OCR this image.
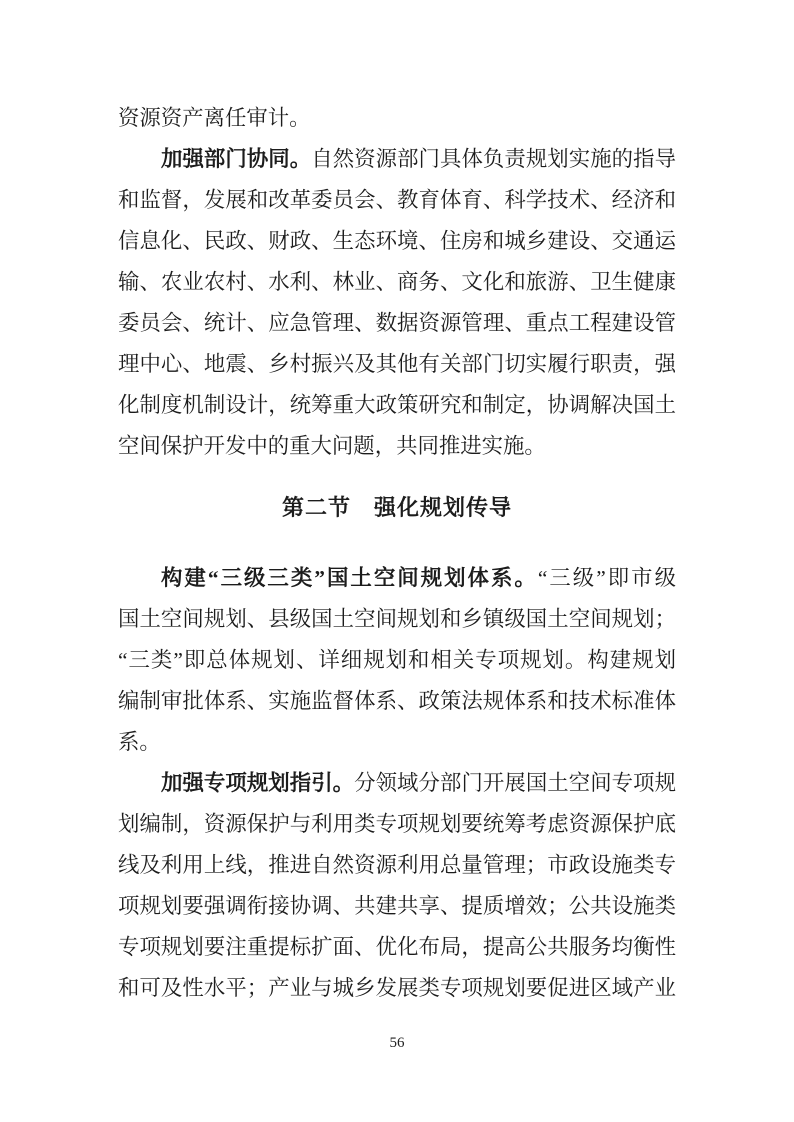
资源资产离任审计。
加强部门协同。自然资源部门具体负责规划实施的指导
和监督，发展和改革委员会、教育体育、科学技术、经济和
信息化、民政、财政、生态环境、住房和城乡建设、交通运
输、农业农村、水利、林业、商务、文化和旅游、卫生健康
委员会、统计、应急管理、数据资源管理、重点工程建设管
理中心、地震、乡村振兴及其他有关部门切实履行职责，强
化制度机制设计，统筹重大政策研究和制定，协调解决国土
空间保护开发中的重大问题，共同推进实施。
第二节　强化规划传导
构建“三级三类”国土空间规划体系。“三级”即市级
国土空间规划、县级国土空间规划和乡镇级国土空间规划；
“三类”即总体规划、详细规划和相关专项规划。构建规划
编制审批体系、实施监督体系、政策法规体系和技术标准体
系。
加强专项规划指引。分领域分部门开展国土空间专项规
划编制，资源保护与利用类专项规划要统筹考虑资源保护底
线及利用上线，推进自然资源利用总量管理；市政设施类专
项规划要强调衔接协调、共建共享、提质增效；公共设施类
专项规划要注重提标扩面、优化布局，提高公共服务均衡性
和可及性水平；产业与城乡发展类专项规划要促进区域产业
56
